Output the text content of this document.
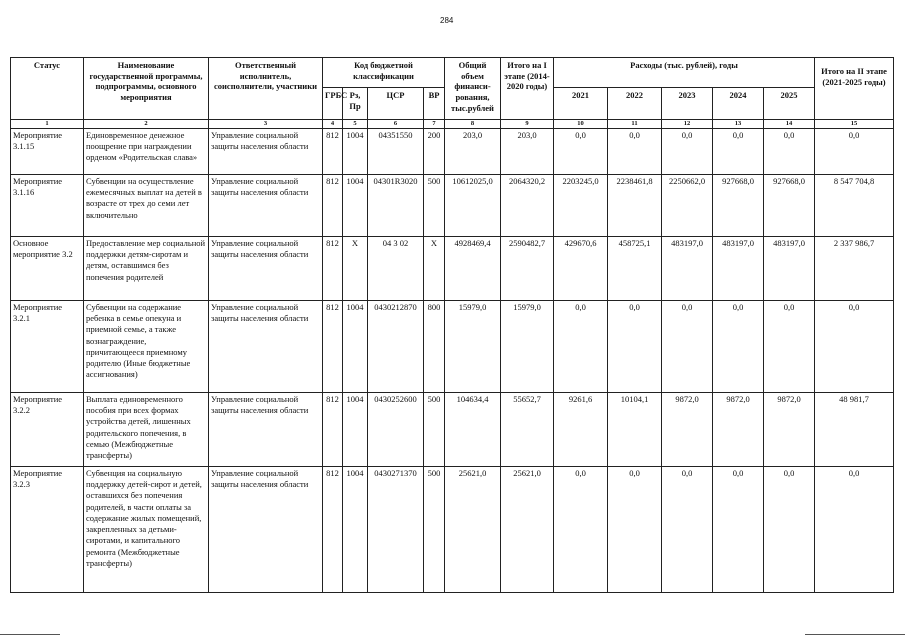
284
Статус	Наименование государственной программы, подпрограммы, основного мероприятия	Ответственный исполнитель, соисполнители, участники	Код бюджетной классификации				Общий объем финанси-рования, тыс.рублей	Итого на I этапе (2014-2020 годы)	Расходы (тыс. рублей), годы					Итого на II этапе (2021-2025 годы)
			ГРБС	Рз, Пр	ЦСР	ВР			2021	2022	2023	2024	2025	
1	2	3	4	5	6	7	8	9	10	11	12	13	14	15
Мероприятие 3.1.15	Единовременное денежное поощрение при награждении орденом «Родительская слава»	Управление социальной защиты населения области	812	1004	04351550	200	203,0	203,0	0,0	0,0	0,0	0,0	0,0	0,0
Мероприятие 3.1.16	Субвенции на осуществление ежемесячных выплат на детей в возрасте от трех до семи лет включительно	Управление социальной защиты населения области	812	1004	04301R3020	500	10612025,0	2064320,2	2203245,0	2238461,8	2250662,0	927668,0	927668,0	8 547 704,8
Основное мероприятие 3.2	Предоставление мер социальной поддержки детям-сиротам и детям, оставшимся без попечения родителей	Управление социальной защиты населения области	812	Х	04 3 02	Х	4928469,4	2590482,7	429670,6	458725,1	483197,0	483197,0	483197,0	2 337 986,7
Мероприятие 3.2.1	Субвенции на содержание ребенка в семье опекуна и приемной семье, а также вознаграждение, причитающееся приемному родителю (Иные бюджетные ассигнования)	Управление социальной защиты населения области	812	1004	0430212870	800	15979,0	15979,0	0,0	0,0	0,0	0,0	0,0	0,0
Мероприятие 3.2.2	Выплата единовременного пособия при всех формах устройства детей, лишенных родительского попечения, в семью (Межбюджетные трансферты)	Управление социальной защиты населения области	812	1004	0430252600	500	104634,4	55652,7	9261,6	10104,1	9872,0	9872,0	9872,0	48 981,7
Мероприятие 3.2.3	Субвенция на социальную поддержку детей-сирот и детей, оставшихся без попечения родителей, в части оплаты за содержание жилых помещений, закрепленных за детьми-сиротами, и капитального ремонта (Межбюджетные трансферты)	Управление социальной защиты населения области	812	1004	0430271370	500	25621,0	25621,0	0,0	0,0	0,0	0,0	0,0	0,0
